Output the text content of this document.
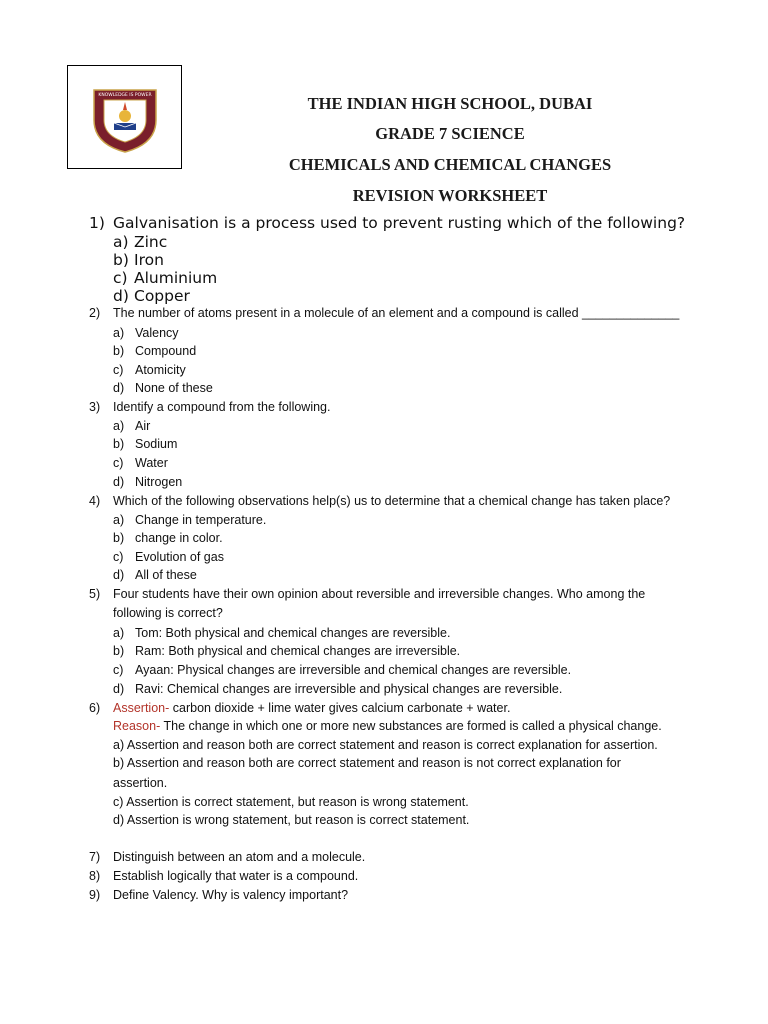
KNOWLEDGE IS POWER	THE INDIAN HIGH SCHOOL, DUBAI
GRADE 7 SCIENCE
CHEMICALS AND CHEMICAL CHANGES
REVISION WORKSHEET
1) Galvanisation is a process used to prevent rusting which of the following?
a) Zinc
b) Iron
c) Aluminium
d) Copper
2)	The number of atoms present in a molecule of an element and a compound is called ______________
a) Valency
b) Compound
c) Atomicity
d) None of these
3)	Identify a compound from the following.
a) Air
b) Sodium
c) Water
d) Nitrogen
4)	Which of the following observations help(s) us to determine that a chemical change has taken place?
a) Change in temperature.
b) change in color.
c) Evolution of gas
d) All of these
5)	Four students have their own opinion about reversible and irreversible changes. Who among the
following is correct?
a) Tom: Both physical and chemical changes are reversible.
b) Ram: Both physical and chemical changes are irreversible.
c) Ayaan: Physical changes are irreversible and chemical changes are reversible.
d) Ravi: Chemical changes are irreversible and physical changes are reversible.
6)	Assertion- carbon dioxide + lime water gives calcium carbonate + water.
Reason- The change in which one or more new substances are formed is called a physical change.
a) Assertion and reason both are correct statement and reason is correct explanation for assertion.
b) Assertion and reason both are correct statement and reason is not correct explanation for
assertion.
c) Assertion is correct statement, but reason is wrong statement.
d) Assertion is wrong statement, but reason is correct statement.
7)	Distinguish between an atom and a molecule.
8)	Establish logically that water is a compound.
9)	Define Valency. Why is valency important?
